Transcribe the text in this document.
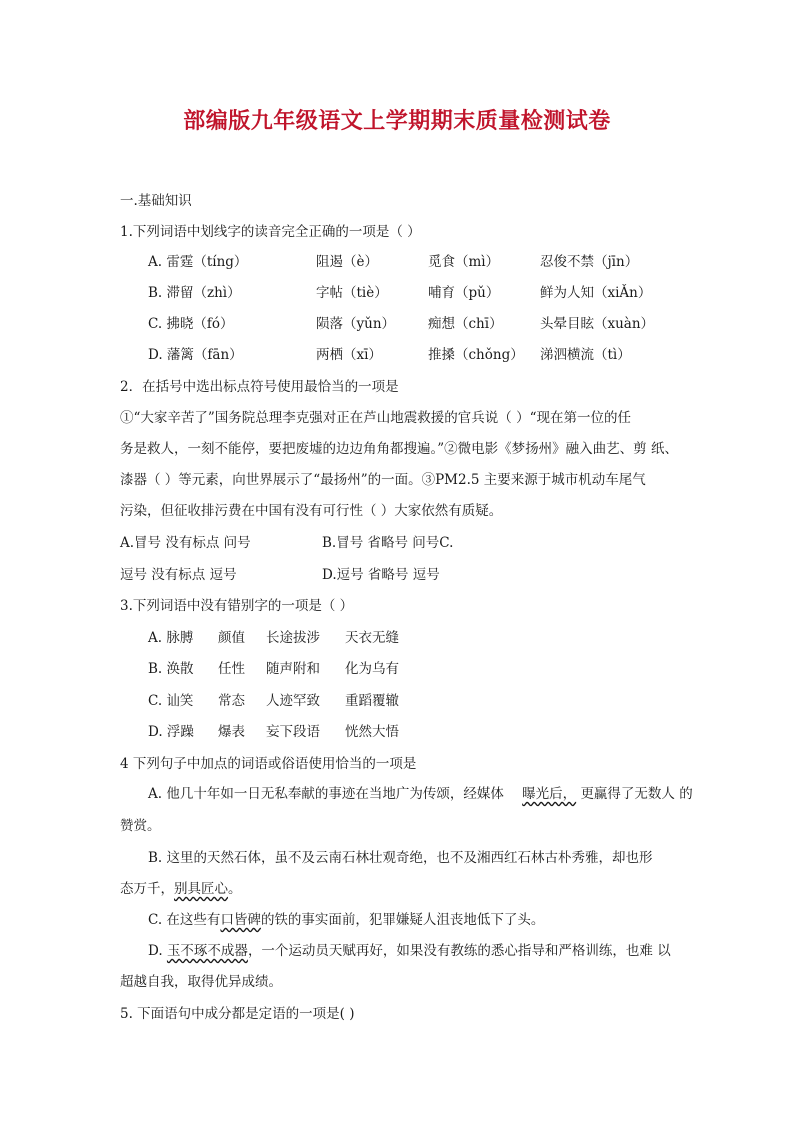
部编版九年级语文上学期期末质量检测试卷
一.基础知识
1.下列词语中划线字的读音完全正确的一项是（ ）
A. 雷霆（tíng）	阻遏（è）	觅食（mì）	忍俊不禁（jīn）
B. 滞留（zhì）	字帖（tiè）	哺育（pǔ）	鲜为人知（xiǍn）
C. 拂晓（fó）	陨落（yǔn） 痴想（chī）	头晕目眩（xuàn）
D. 藩篱（fān）	两栖（xī）	推搡（chǒng） 涕泗横流（tì）
2．在括号中选出标点符号使用最恰当的一项是
①“大家辛苦了”国务院总理李克强对正在芦山地震救援的官兵说（ ）“现在第一位的任
务是救人，一刻不能停，要把废墟的边边角角都搜遍。”②微电影《梦扬州》融入曲艺、剪 纸、
漆器（ ）等元素，向世界展示了“最扬州”的一面。③PM2.5 主要来源于城市机动车尾气
污染，但征收排污费在中国有没有可行性（ ）大家依然有质疑。
A.冒号 没有标点 问号	B.冒号 省略号 问号C.
逗号 没有标点 逗号	D.逗号 省略号 逗号
3.下列词语中没有错别字的一项是（ ）
A. 脉膊 颜值 长途拔涉 天衣无缝
B. 涣散 任性 随声附和 化为乌有
C. 讪笑 常态 人迹罕致 重蹈覆辙
D. 浮躁 爆表 妄下段语 恍然大悟
4 下列句子中加点的词语或俗语使用恰当的一项是
A. 他几十年如一日无私奉献的事迹在当地广为传颂，经媒体 曝光后， 更赢得了无数人 的
赞赏。
B. 这里的天然石体，虽不及云南石林壮观奇绝，也不及湘西红石林古朴秀雅，却也形
态万千，别具匠心。
C. 在这些有口皆碑的铁的事实面前，犯罪嫌疑人沮丧地低下了头。
D. 玉不琢不成器，一个运动员天赋再好，如果没有教练的悉心指导和严格训练，也难 以
超越自我，取得优异成绩。
5. 下面语句中成分都是定语的一项是( )
